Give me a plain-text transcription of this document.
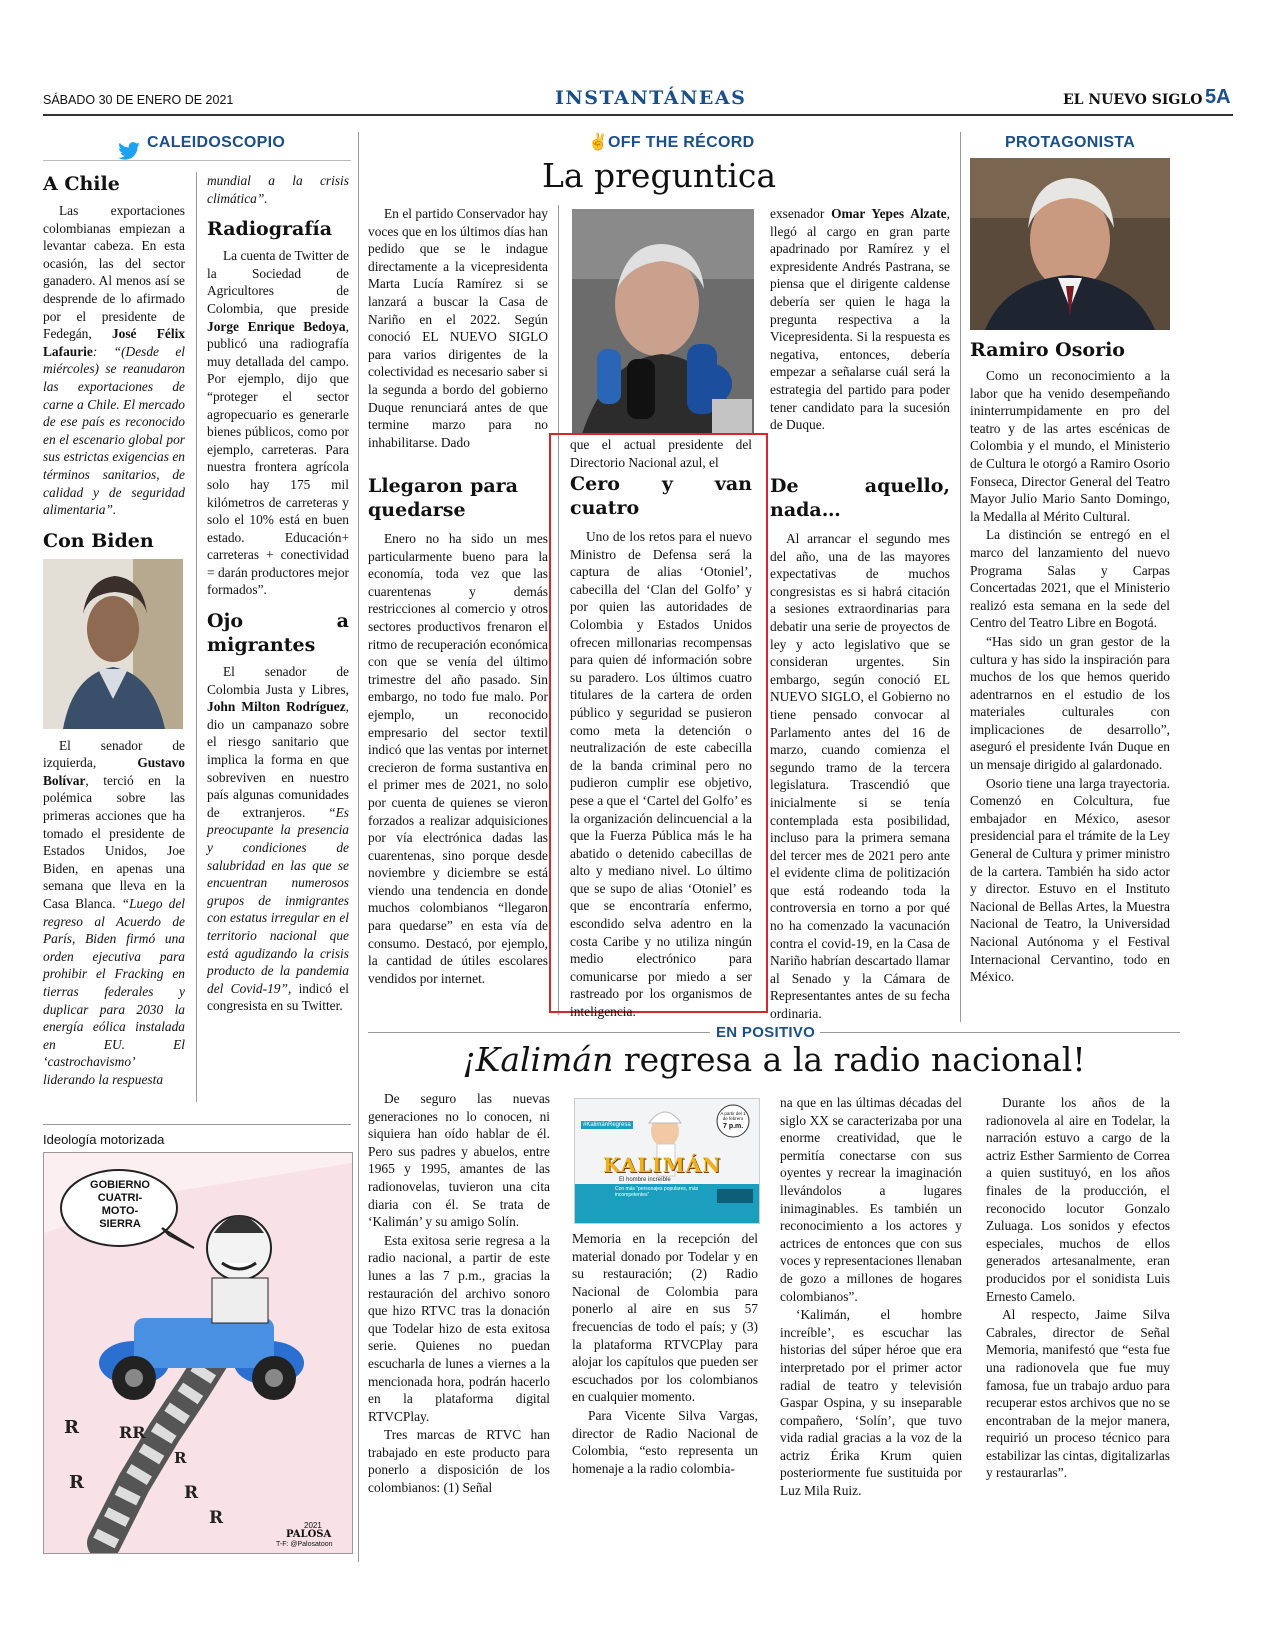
SÁBADO 30 DE ENERO DE 2021	INSTANTÁNEAS	EL NUEVO SIGLO 5A
CALEIDOSCOPIO
A Chile

Las exportaciones colombianas empiezan a levantar cabeza. En esta ocasión, las del sector ganadero. Al menos así se desprende de lo afirmado por el presidente de Fedegán, José Félix Lafaurie: “(Desde el miércoles) se reanudaron las exportaciones de carne a Chile. El mercado de ese país es reconocido en el escenario global por sus estrictas exigencias en términos sanitarios, de calidad y de seguridad alimentaria”.

Con Biden

El senador de izquierda,	Gustavo Bolívar, terció en la polémica sobre las primeras acciones que ha tomado el presidente de Estados Unidos, Joe Biden, en apenas una semana que lleva en la Casa Blanca. “Luego del regreso al Acuerdo de París, Biden firmó una orden ejecutiva para prohibir el Fracking en tierras federales y duplicar para 2030 la energía eólica instalada en EU. El ‘castrochavismo’ liderando la respuesta

mundial a la crisis climática”.

Radiografía

La cuenta de Twitter de la Sociedad de Agricultores de Colombia, que preside Jorge Enrique Bedoya, publicó una radiografía muy detallada del campo. Por ejemplo, dijo que “proteger el sector agropecuario es generarle bienes públicos, como por ejemplo, carreteras. Para nuestra frontera agrícola solo hay 175 mil kilómetros de carreteras y solo el 10% está en buen estado. Educación+ carreteras + conectividad = darán productores mejor formados”.

Ojo a migrantes

El senador de Colombia Justa y Libres, John Milton Rodríguez, dio un campanazo sobre el riesgo sanitario que implica la forma en que sobreviven en nuestro país algunas comunidades de extranjeros. “Es preocupante la presencia y condiciones de salubridad en las que se encuentran numerosos grupos de inmigrantes con estatus irregular en el territorio nacional que está agudizando la crisis producto de la pandemia del Covid-19”, indicó el congresista en su Twitter.

Ideología motorizada
R	RR
R	R
R
R
GOBIERNO CUATRI-MOTO-SIERRA
2021
PALOSA
T-F: @Palosatoon
✌ OFF THE RÉCORD
La preguntica

En el partido Conservador hay voces que en los últimos días han pedido que se le indague directamente a la vicepresidenta Marta Lucía Ramírez si se lanzará a buscar la Casa de Nariño en el 2022. Según conoció EL NUEVO SIGLO para varios dirigentes de la colectividad es necesario saber si la segunda a bordo del gobierno Duque renunciará antes de que termine marzo para no inhabilitarse. Dado

Llegaron para quedarse

Enero no ha sido un mes particularmente bueno para la economía, toda vez que las cuarentenas y demás restricciones al comercio y otros sectores productivos frenaron el ritmo de recuperación económica con que se venía del último trimestre del año pasado. Sin embargo, no todo fue malo. Por ejemplo, un reconocido empresario del sector textil indicó que las ventas por internet crecieron de forma sustantiva en el primer mes de 2021, no solo por cuenta de quienes se vieron forzados a realizar adquisiciones por vía electrónica dadas las cuarentenas, sino porque desde noviembre y diciembre se está viendo una tendencia en donde muchos colombianos “llegaron para quedarse” en esta vía de consumo. Destacó, por ejemplo, la cantidad de útiles escolares vendidos por internet.

que el actual presidente del Directorio Nacional azul, el

Cero y van cuatro

Uno de los retos para el nuevo Ministro de Defensa será la captura de alias ‘Otoniel’, cabecilla del ‘Clan del Golfo’ y por quien las autoridades de Colombia y Estados Unidos ofrecen millonarias recompensas para quien dé información sobre su paradero. Los últimos cuatro titulares de la cartera de orden público y seguridad se pusieron como meta la detención o neutralización de este cabecilla de la banda criminal pero no pudieron cumplir ese objetivo, pese a que el ‘Cartel del Golfo’ es la organización delincuencial a la que la Fuerza Pública más le ha abatido o detenido cabecillas de alto y mediano nivel. Lo último que se supo de alias ‘Otoniel’ es que se encontraría enfermo, escondido selva adentro en la costa Caribe y no utiliza ningún medio electrónico para comunicarse por miedo a ser rastreado por los organismos de inteligencia.

exsenador Omar Yepes Alzate, llegó al cargo en gran parte apadrinado por Ramírez y el expresidente Andrés Pastrana, se piensa que el dirigente caldense debería ser quien le haga la pregunta respectiva a la Vicepresidenta. Si la respuesta es negativa, entonces, debería empezar a señalarse cuál será la estrategia del partido para poder tener candidato para la sucesión de Duque.

De aquello, nada…

Al arrancar el segundo mes del año, una de las mayores expectativas de muchos congresistas es si habrá citación a sesiones extraordinarias para debatir una serie de proyectos de ley y acto legislativo que se consideran urgentes. Sin embargo, según conoció EL NUEVO SIGLO, el Gobierno no tiene pensado convocar al Parlamento antes del 16 de marzo, cuando comienza el segundo tramo de la tercera legislatura. Trascendió que inicialmente si se tenía contemplada esta posibilidad, incluso para la primera semana del tercer mes de 2021 pero ante el evidente clima de politización que está rodeando toda la controversia en torno a por qué no ha comenzado la vacunación contra el covid-19, en la Casa de Nariño habrían descartado llamar al Senado y la Cámara de Representantes antes de su fecha ordinaria.

PROTAGONISTA
Ramiro Osorio

Como un reconocimiento a la labor que ha venido desempeñando ininterrumpidamente en pro del teatro y de las artes escénicas de Colombia y el mundo, el Ministerio de Cultura le otorgó a Ramiro Osorio Fonseca, Director General del Teatro Mayor Julio Mario Santo Domingo, la Medalla al Mérito Cultural.

La distinción se entregó en el marco del lanzamiento del nuevo Programa Salas y Carpas Concertadas 2021, que el Ministerio realizó esta semana en la sede del Centro del Teatro Libre en Bogotá.

“Has sido un gran gestor de la cultura y has sido la inspiración para muchos de los que hemos querido adentrarnos en el estudio de los materiales culturales con implicaciones de desarrollo”, aseguró el presidente Iván Duque en un mensaje dirigido al galardonado.

Osorio tiene una larga trayectoria. Comenzó en Colcultura, fue embajador en México, asesor presidencial para el trámite de la Ley General de Cultura y primer ministro de la cartera. También ha sido actor y director. Estuvo en el Instituto Nacional de Bellas Artes, la Muestra Nacional de Teatro, la Universidad Nacional Autónoma y el Festival Internacional Cervantino, todo en México.

EN POSITIVO
¡Kalimán regresa a la radio nacional!

De seguro las nuevas generaciones no lo conocen, ni siquiera han oído hablar de él. Pero sus padres y abuelos, entre 1965 y 1995, amantes de las radionovelas, tuvieron una cita diaria con él. Se trata de ‘Kalimán’ y su amigo Solín.

Esta exitosa serie regresa a la radio nacional, a partir de este lunes a las 7 p.m., gracias la restauración del archivo sonoro que hizo RTVC tras la donación que Todelar hizo de esta exitosa serie. Quienes no puedan escucharla de lunes a viernes a la mencionada hora, podrán hacerlo en la plataforma digital RTVCPlay.

Tres marcas de RTVC han trabajado en este producto para ponerlo a disposición de los colombianos: (1) Señal

#KalimánRegresa
KALIMÁN
El hombre increíble
Con más “personajes populares, más incompetentes”
A partir del 1 de febrero
7 p.m.

Memoria en la recepción del material donado por Todelar y en su restauración; (2) Radio Nacional de Colombia para ponerlo al aire en sus 57 frecuencias de todo el país; y (3) la plataforma RTVCPlay para alojar los capítulos que pueden ser escuchados por los colombianos en cualquier momento.

Para Vicente Silva Vargas, director de Radio Nacional de Colombia, “esto representa un homenaje a la radio colombia-

na que en las últimas décadas del siglo XX se caracterizaba por una enorme creatividad, que le permitía conectarse con sus oyentes y recrear la imaginación llevándolos a lugares inimaginables. Es también un reconocimiento a los actores y actrices de entonces que con sus voces y representaciones llenaban de gozo a millones de hogares colombianos”.

‘Kalimán, el hombre increíble’, es escuchar las historias del súper héroe que era interpretado por el primer actor radial de teatro y televisión Gaspar Ospina, y su inseparable compañero, ‘Solín’, que tuvo vida radial gracias a la voz de la actriz Érika Krum quien posteriormente fue sustituida por Luz Mila Ruiz.

Durante los años de la radionovela al aire en Todelar, la narración estuvo a cargo de la actriz Esther Sarmiento de Correa a quien sustituyó, en los años finales de la producción, el reconocido locutor Gonzalo Zuluaga. Los sonidos y efectos especiales, muchos de ellos generados artesanalmente, eran producidos por el sonidista Luis Ernesto Camelo.

Al respecto, Jaime Silva Cabrales, director de Señal Memoria, manifestó que “esta fue una radionovela que fue muy famosa, fue un trabajo arduo para recuperar estos archivos que no se encontraban de la mejor manera, requirió un proceso técnico para estabilizar las cintas, digitalizarlas y restaurarlas”.
